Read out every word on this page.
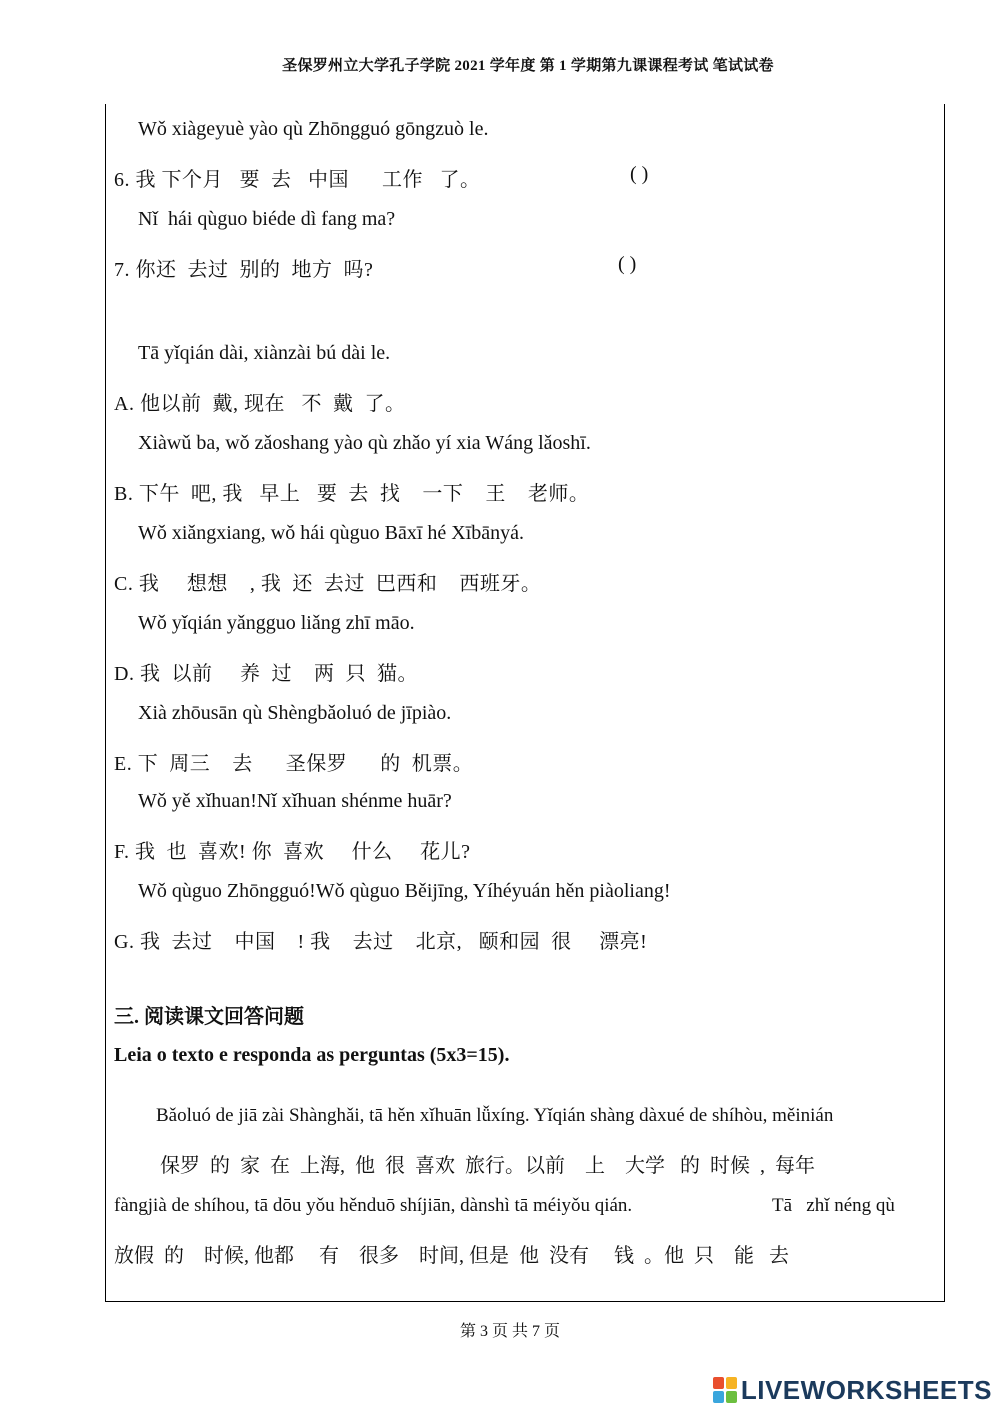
圣保罗州立大学孔子学院 2021 学年度 第 1 学期第九课课程考试 笔试试卷
Wǒ xiàgeyuè yào qù Zhōngguó gōngzuò le.
6. 我 下个月   要  去   中国      工作   了。	( )
Nǐ  hái qùguo biéde dì fang ma?
7. 你还  去过  别的  地方  吗?	( )
Tā yǐqián dài, xiànzài bú dài le.
A. 他以前  戴, 现在   不  戴  了。
Xiàwǔ ba, wǒ zǎoshang yào qù zhǎo yí xia Wáng lǎoshī.
B. 下午  吧, 我   早上   要  去  找    一下    王    老师。
Wǒ xiǎngxiang, wǒ hái qùguo Bāxī hé Xībānyá.
C. 我     想想    , 我  还  去过  巴西和    西班牙。
Wǒ yǐqián yǎngguo liǎng zhī māo.
D. 我  以前     养  过    两  只  猫。
Xià zhōusān qù Shèngbǎoluó de jīpiào.
E. 下  周三    去      圣保罗      的  机票。
Wǒ yě xǐhuan!Nǐ xǐhuan shénme huār?
F. 我  也  喜欢! 你  喜欢     什么     花儿?
Wǒ qùguo Zhōngguó!Wǒ qùguo Běijīng, Yíhéyuán hěn piàoliang!
G. 我  去过    中国    ! 我    去过    北京,   颐和园  很     漂亮!
三. 阅读课文回答问题
Leia o texto e responda as perguntas (5x3=15).
Bǎoluó de jiā zài Shànghǎi, tā hěn xǐhuān lǚxíng. Yǐqián shàng dàxué de shíhòu, měinián
保罗  的  家  在  上海,  他  很  喜欢  旅行。以前    上    大学   的  时候  ,  每年
fàngjià de shíhou, tā dōu yǒu hěnduō shíjiān, dànshì tā méiyǒu qián.	Tā   zhǐ néng qù
放假  的    时候, 他都     有    很多    时间, 但是  他  没有     钱  。他  只    能   去
第 3 页 共 7 页
LIVEWORKSHEETS
